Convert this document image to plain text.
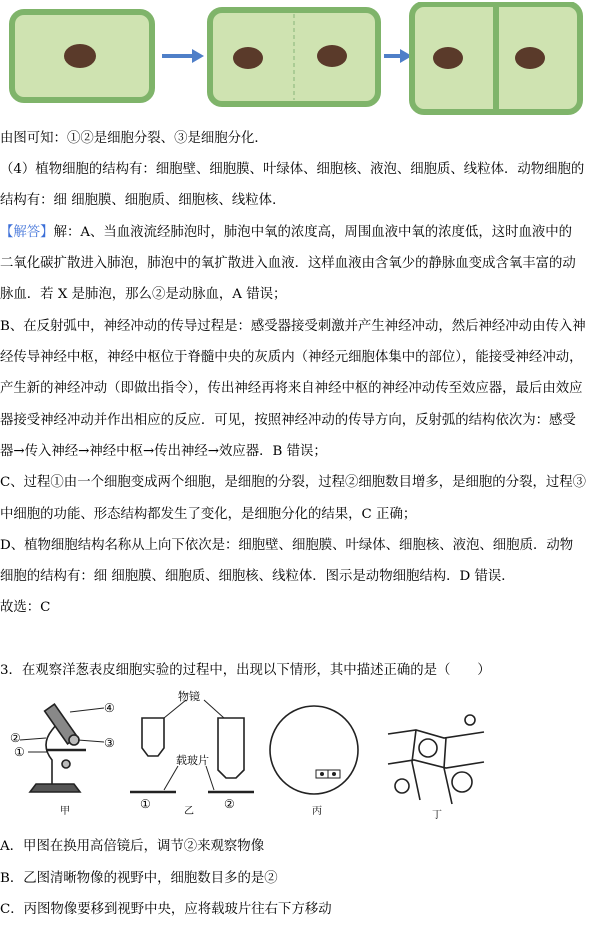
由图可知：①②是细胞分裂、③是细胞分化．
（4）植物细胞的结构有：细胞壁、细胞膜、叶绿体、细胞核、液泡、细胞质、线粒体．动物细胞的
结构有：细 细胞膜、细胞质、细胞核、线粒体．
【解答】解：A、当血液流经肺泡时，肺泡中氧的浓度高，周围血液中氧的浓度低，这时血液中的
二氧化碳扩散进入肺泡，肺泡中的氧扩散进入血液．这样血液由含氧少的静脉血变成含氧丰富的动
脉血．若 X 是肺泡，那么②是动脉血，A 错误；
B、在反射弧中，神经冲动的传导过程是：感受器接受刺激并产生神经冲动，然后神经冲动由传入神
经传导神经中枢，神经中枢位于脊髓中央的灰质内（神经元细胞体集中的部位），能接受神经冲动，
产生新的神经冲动（即做出指令），传出神经再将来自神经中枢的神经冲动传至效应器，最后由效应
器接受神经冲动并作出相应的反应．可见，按照神经冲动的传导方向，反射弧的结构依次为：感受
器→传入神经→神经中枢→传出神经→效应器．B 错误；
C、过程①由一个细胞变成两个细胞，是细胞的分裂，过程②细胞数目增多，是细胞的分裂，过程③
中细胞的功能、形态结构都发生了变化，是细胞分化的结果，C 正确；
D、植物细胞结构名称从上向下依次是：细胞壁、细胞膜、叶绿体、细胞核、液泡、细胞质．动物
细胞的结构有：细 细胞膜、细胞质、细胞核、线粒体．图示是动物细胞结构．D 错误．
故选：C
3．在观察洋葱表皮细胞实验的过程中，出现以下情形，其中描述正确的是（　　）
④
②
①
③
甲
物镜
载玻片
①	②
乙	丙	丁
A．甲图在换用高倍镜后，调节②来观察物像
B．乙图清晰物像的视野中，细胞数目多的是②
C．丙图物像要移到视野中央，应将载玻片往右下方移动
